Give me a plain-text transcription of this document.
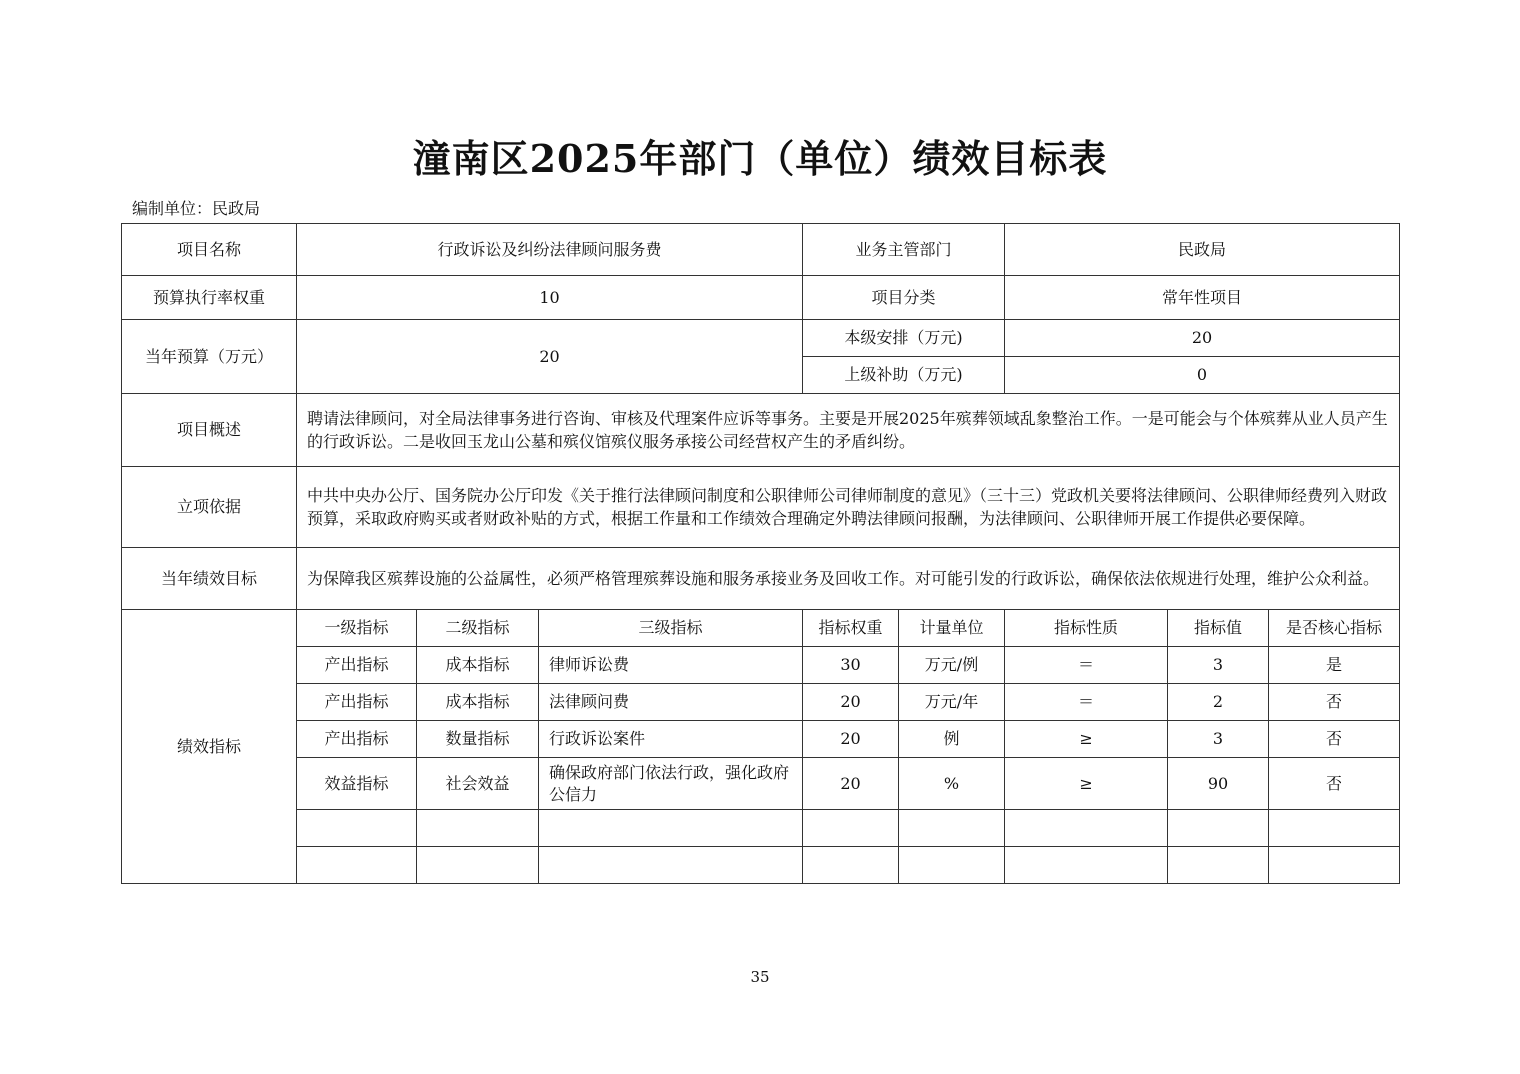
潼南区2025年部门（单位）绩效目标表
编制单位：民政局
项目名称	行政诉讼及纠纷法律顾问服务费			业务主管部门		民政局		
预算执行率权重	10			项目分类		常年性项目		
当年预算（万元）	20			本级安排（万元)		20		
				上级补助（万元)		0		
项目概述	聘请法律顾问，对全局法律事务进行咨询、审核及代理案件应诉等事务。主要是开展2025年殡葬领域乱象整治工作。一是可能会与个体殡葬从业人员产生的行政诉讼。二是收回玉龙山公墓和殡仪馆殡仪服务承接公司经营权产生的矛盾纠纷。							
立项依据	中共中央办公厅、国务院办公厅印发《关于推行法律顾问制度和公职律师公司律师制度的意见》（三十三）党政机关要将法律顾问、公职律师经费列入财政预算，采取政府购买或者财政补贴的方式，根据工作量和工作绩效合理确定外聘法律顾问报酬，为法律顾问、公职律师开展工作提供必要保障。							
当年绩效目标	为保障我区殡葬设施的公益属性，必须严格管理殡葬设施和服务承接业务及回收工作。对可能引发的行政诉讼，确保依法依规进行处理，维护公众利益。							
绩效指标	一级指标	二级指标	三级指标	指标权重	计量单位	指标性质	指标值	是否核心指标
	产出指标	成本指标	律师诉讼费	30	万元/例	＝	3	是
	产出指标	成本指标	法律顾问费	20	万元/年	＝	2	否
	产出指标	数量指标	行政诉讼案件	20	例	≥	3	否
	效益指标	社会效益	确保政府部门依法行政，强化政府公信力	20	%	≥	90	否

35
